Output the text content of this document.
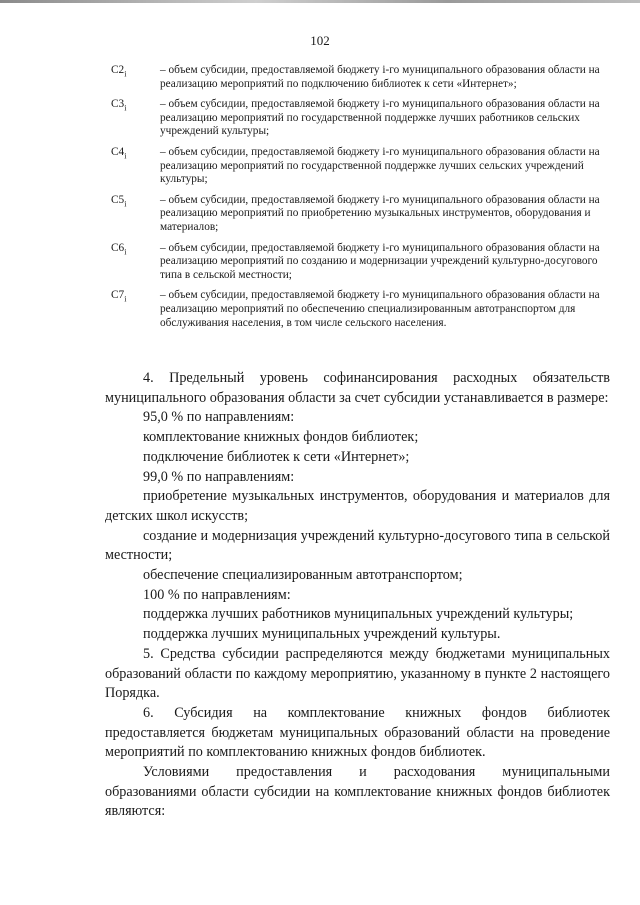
102
$C2_i$	– объем субсидии, предоставляемой бюджету i-го муниципального образования области на реализацию мероприятий по подключению библиотек к сети «Интернет»;
$C3_i$	– объем субсидии, предоставляемой бюджету i-го муниципального образования области на реализацию мероприятий по государственной поддержке лучших работников сельских учреждений культуры;
$C4_i$	– объем субсидии, предоставляемой бюджету i-го муниципального образования области на реализацию мероприятий по государственной поддержке лучших сельских учреждений культуры;
$C5_i$	– объем субсидии, предоставляемой бюджету i-го муниципального образования области на реализацию мероприятий по приобретению музыкальных инструментов, оборудования и материалов;
$C6_i$	– объем субсидии, предоставляемой бюджету i-го муниципального образования области на реализацию мероприятий по созданию и модернизации учреждений культурно-досугового типа в сельской местности;
$C7_i$	– объем субсидии, предоставляемой бюджету i-го муниципального образования области на реализацию мероприятий по обеспечению специализированным автотранспортом для обслуживания населения, в том числе сельского населения.

4. Предельный уровень софинансирования расходных обязательств муниципального образования области за счет субсидии устанавливается в размере:

95,0 % по направлениям:

комплектование книжных фондов библиотек;

подключение библиотек к сети «Интернет»;

99,0 % по направлениям:

приобретение музыкальных инструментов, оборудования и материалов для детских школ искусств;

создание и модернизация учреждений культурно-досугового типа в сельской местности;

обеспечение специализированным автотранспортом;

100 % по направлениям:

поддержка лучших работников муниципальных учреждений культуры;

поддержка лучших муниципальных учреждений культуры.

5. Средства субсидии распределяются между бюджетами муниципальных образований области по каждому мероприятию, указанному в пункте 2 настоящего Порядка.

6. Субсидия на комплектование книжных фондов библиотек предоставляется бюджетам муниципальных образований области на проведение мероприятий по комплектованию книжных фондов библиотек.

Условиями предоставления и расходования муниципальными образованиями области субсидии на комплектование книжных фондов библиотек являются:
